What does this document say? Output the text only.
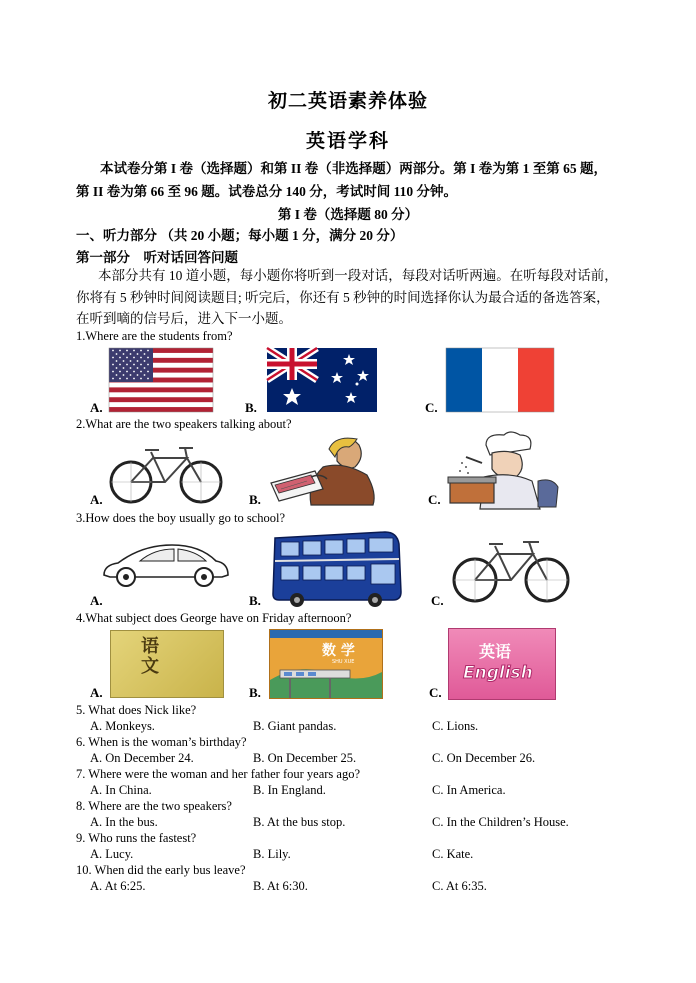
初二英语素养体验
英语学科
本试卷分第 I 卷（选择题）和第 II 卷（非选择题）两部分。第 I 卷为第 1 至第 65 题，
第 II 卷为第 66 至 96 题。试卷总分 140 分，考试时间 110 分钟。
第 I 卷（选择题 80 分）
一、听力部分 （共 20 小题；每小题 1 分，满分 20 分）
第一部分　听对话回答问题
本部分共有 10 道小题，每小题你将听到一段对话，每段对话听两遍。在听每段对话前，
你将有 5 秒钟时间阅读题目; 听完后，你还有 5 秒钟的时间选择你认为最合适的备选答案，
在听到嘀的信号后，进入下一小题。
1.Where are the students from?
A.	B.	C.
2.What are the two speakers talking about?
A.	B.	C.
3.How does the boy usually go to school?
A.	B.	C.
4.What subject does George have on Friday afternoon?
A.	B.	C.
语 文
数 学
SHU XUE
英语
English
5. What does Nick like?
A. Monkeys.	B. Giant pandas.	C. Lions.
6. When is the woman’s birthday?
A. On December 24.	B. On December 25.	C. On December 26.
7. Where were the woman and her father four years ago?
A. In China.	B. In England.	C. In America.
8. Where are the two speakers?
A. In the bus.	B. At the bus stop.	C. In the Children’s House.
9. Who runs the fastest?
A. Lucy.	B. Lily.	C. Kate.
10. When did the early bus leave?
A. At 6:25.	B. At 6:30.	C. At 6:35.
